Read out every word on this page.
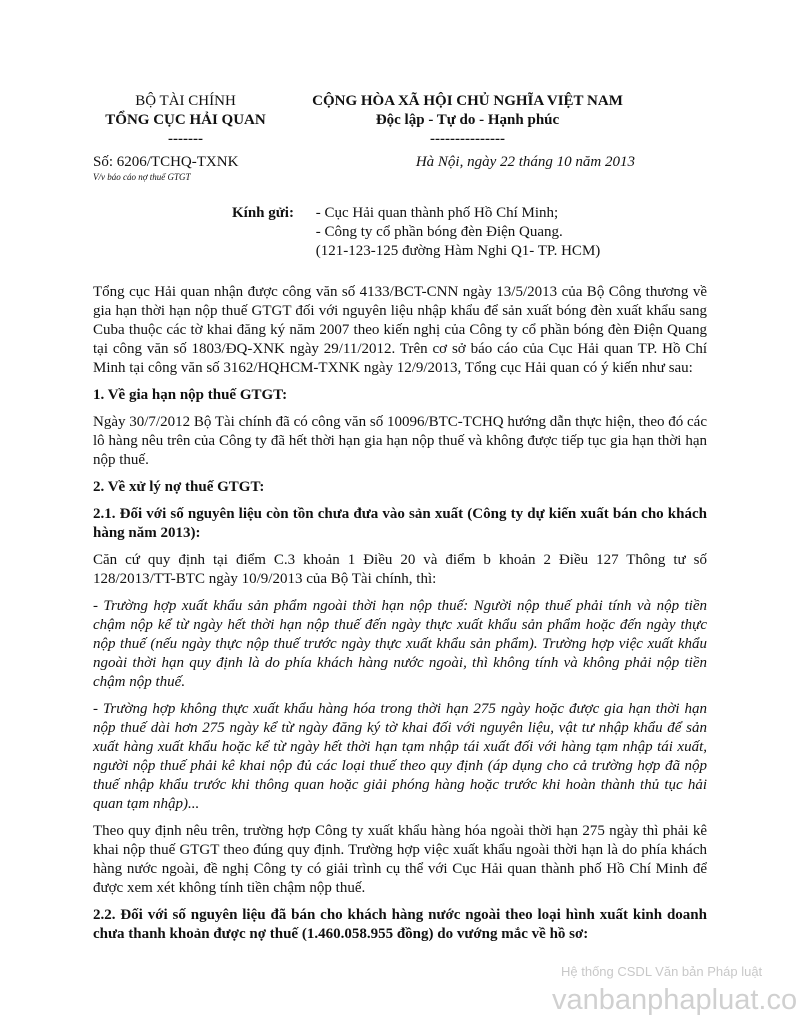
BỘ TÀI CHÍNH
TỔNG CỤC HẢI QUAN
-------
Số: 6206/TCHQ-TXNK
V/v báo cáo nợ thuế GTGT
CỘNG HÒA XÃ HỘI CHỦ NGHĨA VIỆT NAM
Độc lập - Tự do - Hạnh phúc
---------------
Hà Nội, ngày 22 tháng 10 năm 2013
Kính gửi: - Cục Hải quan thành phố Hồ Chí Minh;
- Công ty cổ phần bóng đèn Điện Quang.
(121-123-125 đường Hàm Nghi Q1- TP. HCM)

Tổng cục Hải quan nhận được công văn số 4133/BCT-CNN ngày 13/5/2013 của Bộ Công thương về gia hạn thời hạn nộp thuế GTGT đối với nguyên liệu nhập khẩu để sản xuất bóng đèn xuất khẩu sang Cuba thuộc các tờ khai đăng ký năm 2007 theo kiến nghị của Công ty cổ phần bóng đèn Điện Quang tại công văn số 1803/ĐQ-XNK ngày 29/11/2012. Trên cơ sở báo cáo của Cục Hải quan TP. Hồ Chí Minh tại công văn số 3162/HQHCM-TXNK ngày 12/9/2013, Tổng cục Hải quan có ý kiến như sau:

1. Về gia hạn nộp thuế GTGT:

Ngày 30/7/2012 Bộ Tài chính đã có công văn số 10096/BTC-TCHQ hướng dẫn thực hiện, theo đó các lô hàng nêu trên của Công ty đã hết thời hạn gia hạn nộp thuế và không được tiếp tục gia hạn thời hạn nộp thuế.

2. Về xử lý nợ thuế GTGT:

2.1. Đối với số nguyên liệu còn tồn chưa đưa vào sản xuất (Công ty dự kiến xuất bán cho khách hàng năm 2013):

Căn cứ quy định tại điểm C.3 khoản 1 Điều 20 và điểm b khoản 2 Điều 127 Thông tư số 128/2013/TT-BTC ngày 10/9/2013 của Bộ Tài chính, thì:

- Trường hợp xuất khẩu sản phẩm ngoài thời hạn nộp thuế: Người nộp thuế phải tính và nộp tiền chậm nộp kể từ ngày hết thời hạn nộp thuế đến ngày thực xuất khẩu sản phẩm hoặc đến ngày thực nộp thuế (nếu ngày thực nộp thuế trước ngày thực xuất khẩu sản phẩm). Trường hợp việc xuất khẩu ngoài thời hạn quy định là do phía khách hàng nước ngoài, thì không tính và không phải nộp tiền chậm nộp thuế.

- Trường hợp không thực xuất khẩu hàng hóa trong thời hạn 275 ngày hoặc được gia hạn thời hạn nộp thuế dài hơn 275 ngày kể từ ngày đăng ký tờ khai đối với nguyên liệu, vật tư nhập khẩu để sản xuất hàng xuất khẩu hoặc kể từ ngày hết thời hạn tạm nhập tái xuất đối với hàng tạm nhập tái xuất, người nộp thuế phải kê khai nộp đủ các loại thuế theo quy định (áp dụng cho cả trường hợp đã nộp thuế nhập khẩu trước khi thông quan hoặc giải phóng hàng hoặc trước khi hoàn thành thủ tục hải quan tạm nhập)...

Theo quy định nêu trên, trường hợp Công ty xuất khẩu hàng hóa ngoài thời hạn 275 ngày thì phải kê khai nộp thuế GTGT theo đúng quy định. Trường hợp việc xuất khẩu ngoài thời hạn là do phía khách hàng nước ngoài, đề nghị Công ty có giải trình cụ thể với Cục Hải quan thành phố Hồ Chí Minh để được xem xét không tính tiền chậm nộp thuế.

2.2. Đối với số nguyên liệu đã bán cho khách hàng nước ngoài theo loại hình xuất kinh doanh chưa thanh khoản được nợ thuế (1.460.058.955 đồng) do vướng mắc về hồ sơ:

Hệ thống CSDL Văn bản Pháp luật
vanbanphapluat.co
